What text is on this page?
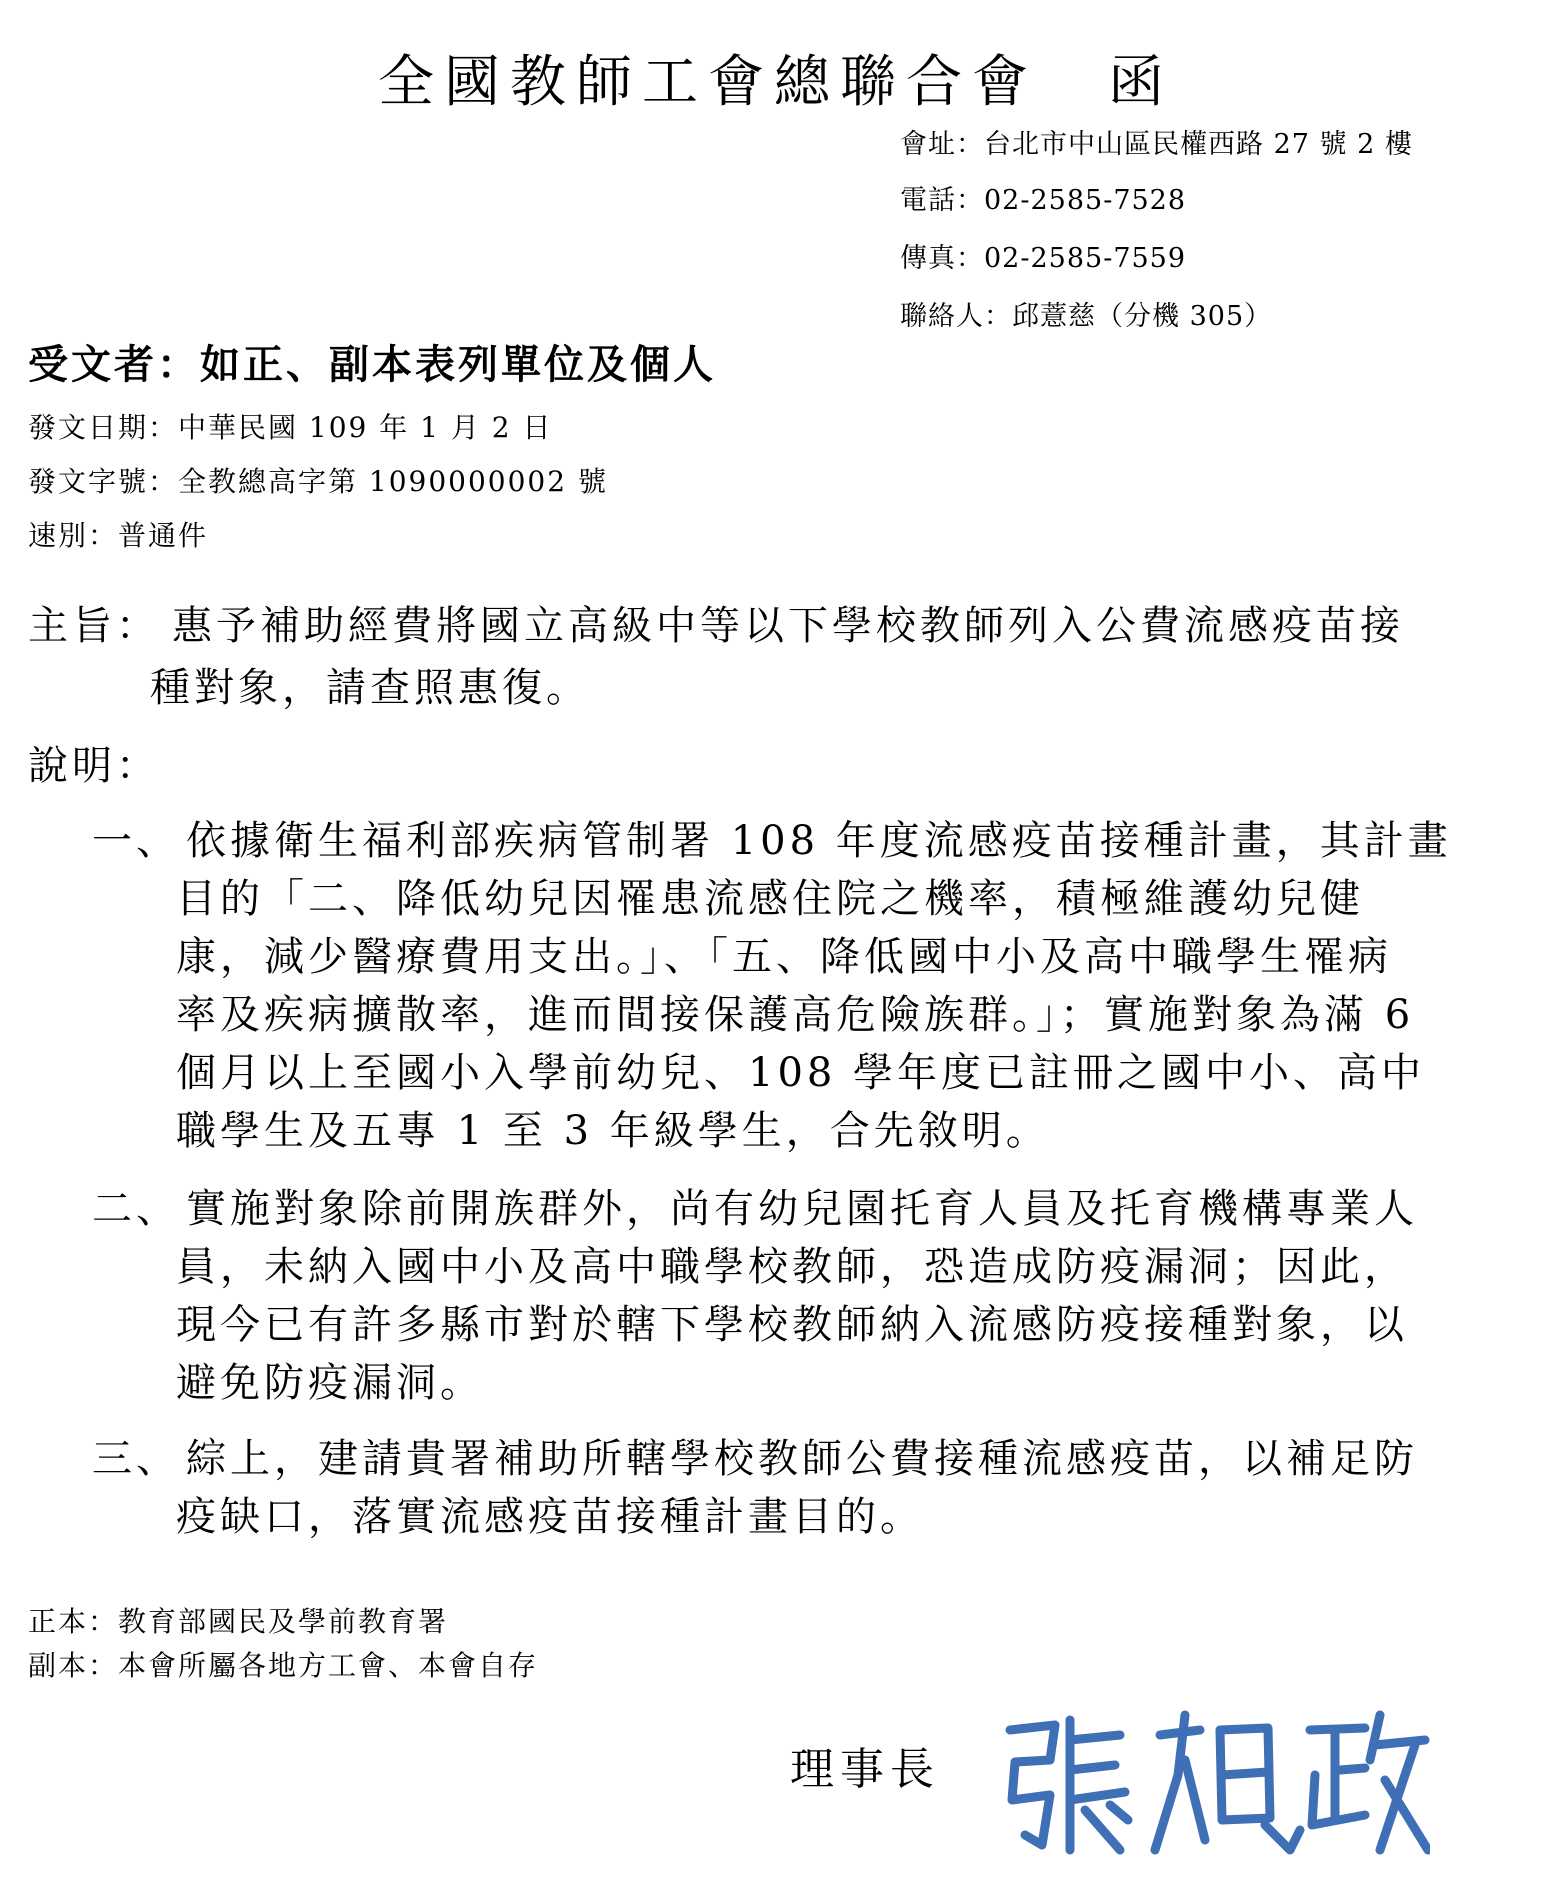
全國教師工會總聯合會 函
會址：台北市中山區民權西路 27 號 2 樓
電話：02-2585-7528
傳真：02-2585-7559
聯絡人：邱薏慈（分機 305）
受文者：如正、副本表列單位及個人
發文日期：中華民國 109 年 1 月 2 日
發文字號：全教總高字第 1090000002 號
速別：普通件
主旨： 惠予補助經費將國立高級中等以下學校教師列入公費流感疫苗接
種對象，請查照惠復。
說明：
一、 依據衛生福利部疾病管制署 108 年度流感疫苗接種計畫，其計畫
目的「二、降低幼兒因罹患流感住院之機率，積極維護幼兒健
康，減少醫療費用支出。」、「五、降低國中小及高中職學生罹病
率及疾病擴散率，進而間接保護高危險族群。」；實施對象為滿 6
個月以上至國小入學前幼兒、108 學年度已註冊之國中小、高中
職學生及五專 1 至 3 年級學生，合先敘明。
二、 實施對象除前開族群外，尚有幼兒園托育人員及托育機構專業人
員，未納入國中小及高中職學校教師，恐造成防疫漏洞；因此，
現今已有許多縣市對於轄下學校教師納入流感防疫接種對象，以
避免防疫漏洞。
三、 綜上，建請貴署補助所轄學校教師公費接種流感疫苗，以補足防
疫缺口，落實流感疫苗接種計畫目的。
正本：教育部國民及學前教育署
副本：本會所屬各地方工會、本會自存
理事長
